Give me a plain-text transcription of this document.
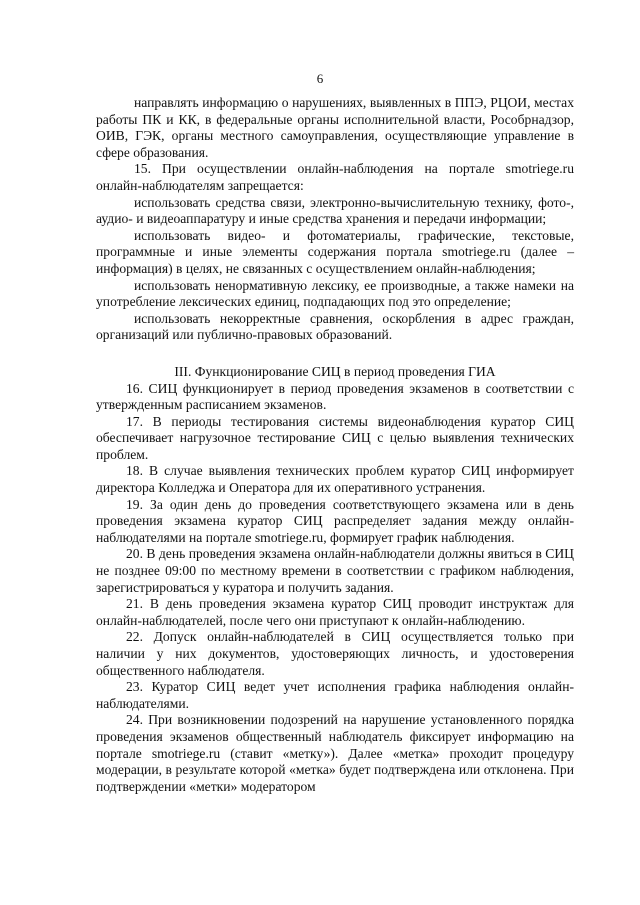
6

направлять информацию о нарушениях, выявленных в ППЭ, РЦОИ, местах работы ПК и КК, в федеральные органы исполнительной власти, Рособрнадзор, ОИВ, ГЭК, органы местного самоуправления, осуществляющие управление в сфере образования.

15. При осуществлении онлайн-наблюдения на портале smotriege.ru онлайн-наблюдателям запрещается:

использовать средства связи, электронно-вычислительную технику, фото-, аудио- и видеоаппаратуру и иные средства хранения и передачи информации;

использовать видео- и фотоматериалы, графические, текстовые, программные и иные элементы содержания портала smotriege.ru (далее – информация) в целях, не связанных с осуществлением онлайн-наблюдения;

использовать ненормативную лексику, ее производные, а также намеки на употребление лексических единиц, подпадающих под это определение;

использовать некорректные сравнения, оскорбления в адрес граждан, организаций или публично-правовых образований.

III. Функционирование СИЦ в период проведения ГИА

16. СИЦ функционирует в период проведения экзаменов в соответствии с утвержденным расписанием экзаменов.

17. В периоды тестирования системы видеонаблюдения куратор СИЦ обеспечивает нагрузочное тестирование СИЦ с целью выявления технических проблем.

18. В случае выявления технических проблем куратор СИЦ информирует директора Колледжа и Оператора для их оперативного устранения.

19. За один день до проведения соответствующего экзамена или в день проведения экзамена куратор СИЦ распределяет задания между онлайн-наблюдателями на портале smotriege.ru, формирует график наблюдения.

20. В день проведения экзамена онлайн-наблюдатели должны явиться в СИЦ не позднее 09:00 по местному времени в соответствии с графиком наблюдения, зарегистрироваться у куратора и получить задания.

21. В день проведения экзамена куратор СИЦ проводит инструктаж для онлайн-наблюдателей, после чего они приступают к онлайн-наблюдению.

22. Допуск онлайн-наблюдателей в СИЦ осуществляется только при наличии у них документов, удостоверяющих личность, и удостоверения общественного наблюдателя.

23. Куратор СИЦ ведет учет исполнения графика наблюдения онлайн-наблюдателями.

24. При возникновении подозрений на нарушение установленного порядка проведения экзаменов общественный наблюдатель фиксирует информацию на портале smotriege.ru (ставит «метку»). Далее «метка» проходит процедуру модерации, в результате которой «метка» будет подтверждена или отклонена. При подтверждении «метки» модератором
